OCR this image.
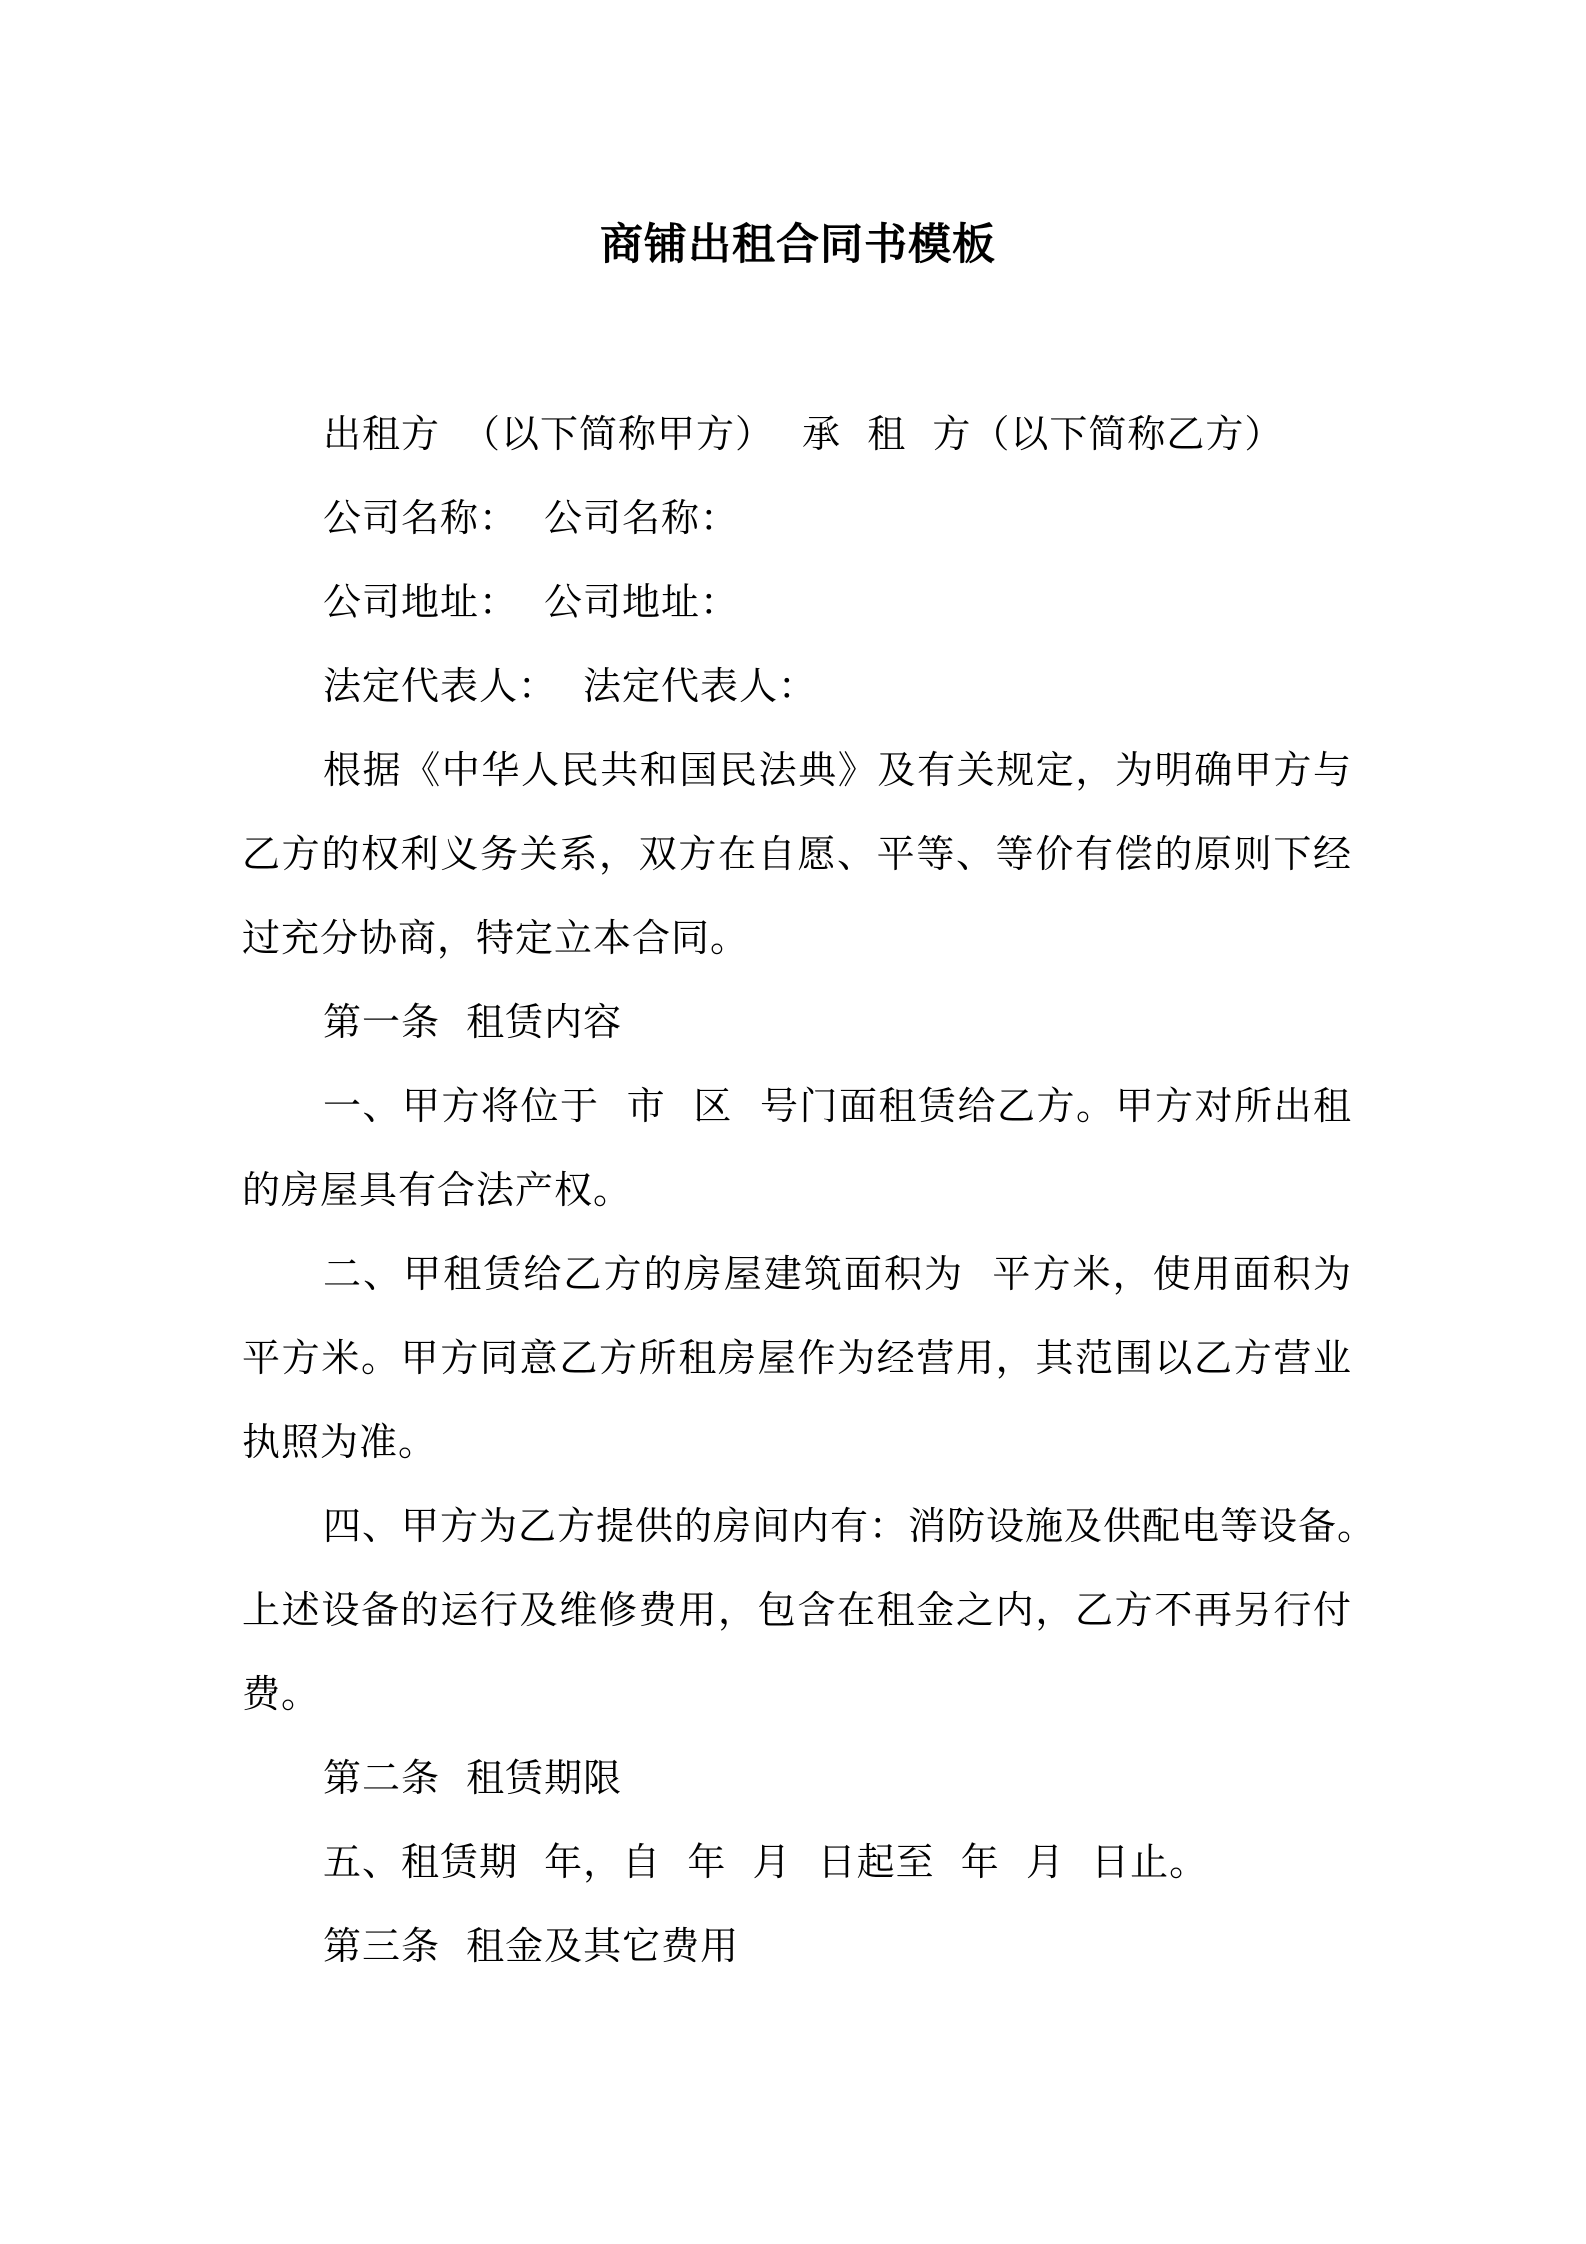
商铺出租合同书模板
出租方 （以下简称甲方） 承  租  方（以下简称乙方）
公司名称： 公司名称：
公司地址： 公司地址：
法定代表人： 法定代表人：
根据《中华人民共和国民法典》及有关规定，为明确甲方与
乙方的权利义务关系，双方在自愿、平等、等价有偿的原则下经
过充分协商，特定立本合同。
第一条  租赁内容
一、甲方将位于  市  区  号门面租赁给乙方。甲方对所出租
的房屋具有合法产权。
二、甲租赁给乙方的房屋建筑面积为  平方米，使用面积为
平方米。甲方同意乙方所租房屋作为经营用，其范围以乙方营业
执照为准。
四、甲方为乙方提供的房间内有：消防设施及供配电等设备。
上述设备的运行及维修费用，包含在租金之内，乙方不再另行付
费。
第二条  租赁期限
五、租赁期  年，自  年  月  日起至  年  月  日止。
第三条  租金及其它费用
